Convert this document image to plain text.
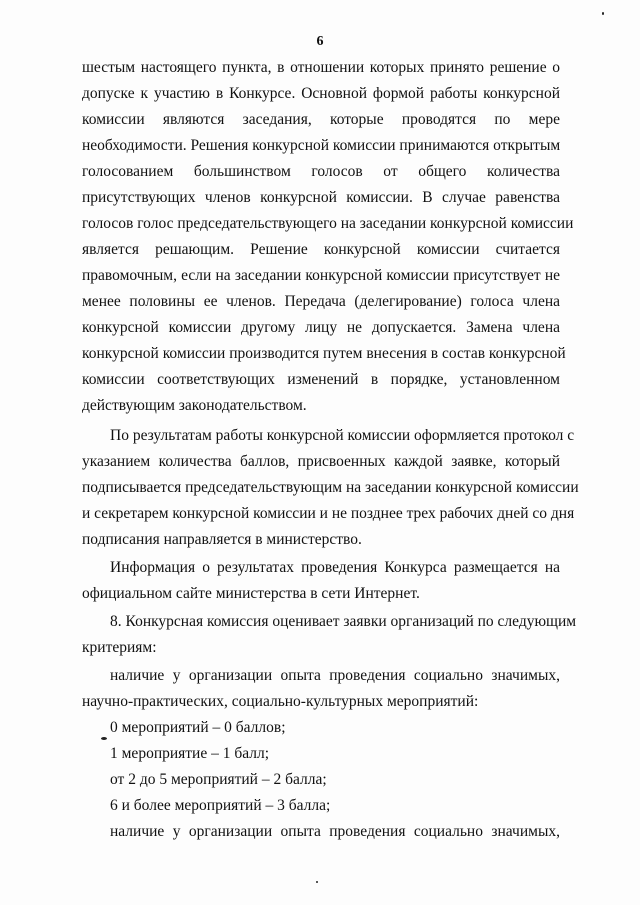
6
шестым настоящего пункта, в отношении которых принято решение о
допуске к участию в Конкурсе. Основной формой работы конкурсной
комиссии являются заседания, которые проводятся по мере
необходимости. Решения конкурсной комиссии принимаются открытым
голосованием большинством голосов от общего количества
присутствующих членов конкурсной комиссии. В случае равенства
голосов голос председательствующего на заседании конкурсной комиссии
является решающим. Решение конкурсной комиссии считается
правомочным, если на заседании конкурсной комиссии присутствует не
менее половины ее членов. Передача (делегирование) голоса члена
конкурсной комиссии другому лицу не допускается. Замена члена
конкурсной комиссии производится путем внесения в состав конкурсной
комиссии соответствующих изменений в порядке, установленном
действующим законодательством.
По результатам работы конкурсной комиссии оформляется протокол с
указанием количества баллов, присвоенных каждой заявке, который
подписывается председательствующим на заседании конкурсной комиссии
и секретарем конкурсной комиссии и не позднее трех рабочих дней со дня
подписания направляется в министерство.
Информация о результатах проведения Конкурса размещается на
официальном сайте министерства в сети Интернет.
8. Конкурсная комиссия оценивает заявки организаций по следующим
критериям:
наличие у организации опыта проведения социально значимых,
научно-практических, социально-культурных мероприятий:
0 мероприятий – 0 баллов;
1 мероприятие – 1 балл;
от 2 до 5 мероприятий – 2 балла;
6 и более мероприятий – 3 балла;
наличие у организации опыта проведения социально значимых,
